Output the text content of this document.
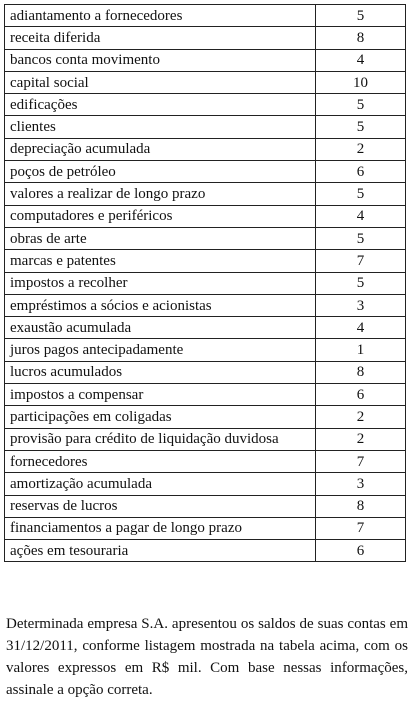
adiantamento a fornecedores	5
receita diferida	8
bancos conta movimento	4
capital social	10
edificações	5
clientes	5
depreciação acumulada	2
poços de petróleo	6
valores a realizar de longo prazo	5
computadores e periféricos	4
obras de arte	5
marcas e patentes	7
impostos a recolher	5
empréstimos a sócios e acionistas	3
exaustão acumulada	4
juros pagos antecipadamente	1
lucros acumulados	8
impostos a compensar	6
participações em coligadas	2
provisão para crédito de liquidação duvidosa	2
fornecedores	7
amortização acumulada	3
reservas de lucros	8
financiamentos a pagar de longo prazo	7
ações em tesouraria	6

Determinada empresa S.A. apresentou os saldos de suas contas em 31/12/2011, conforme listagem mostrada na tabela acima, com os valores expressos em R$ mil. Com base nessas informações, assinale a opção correta.
